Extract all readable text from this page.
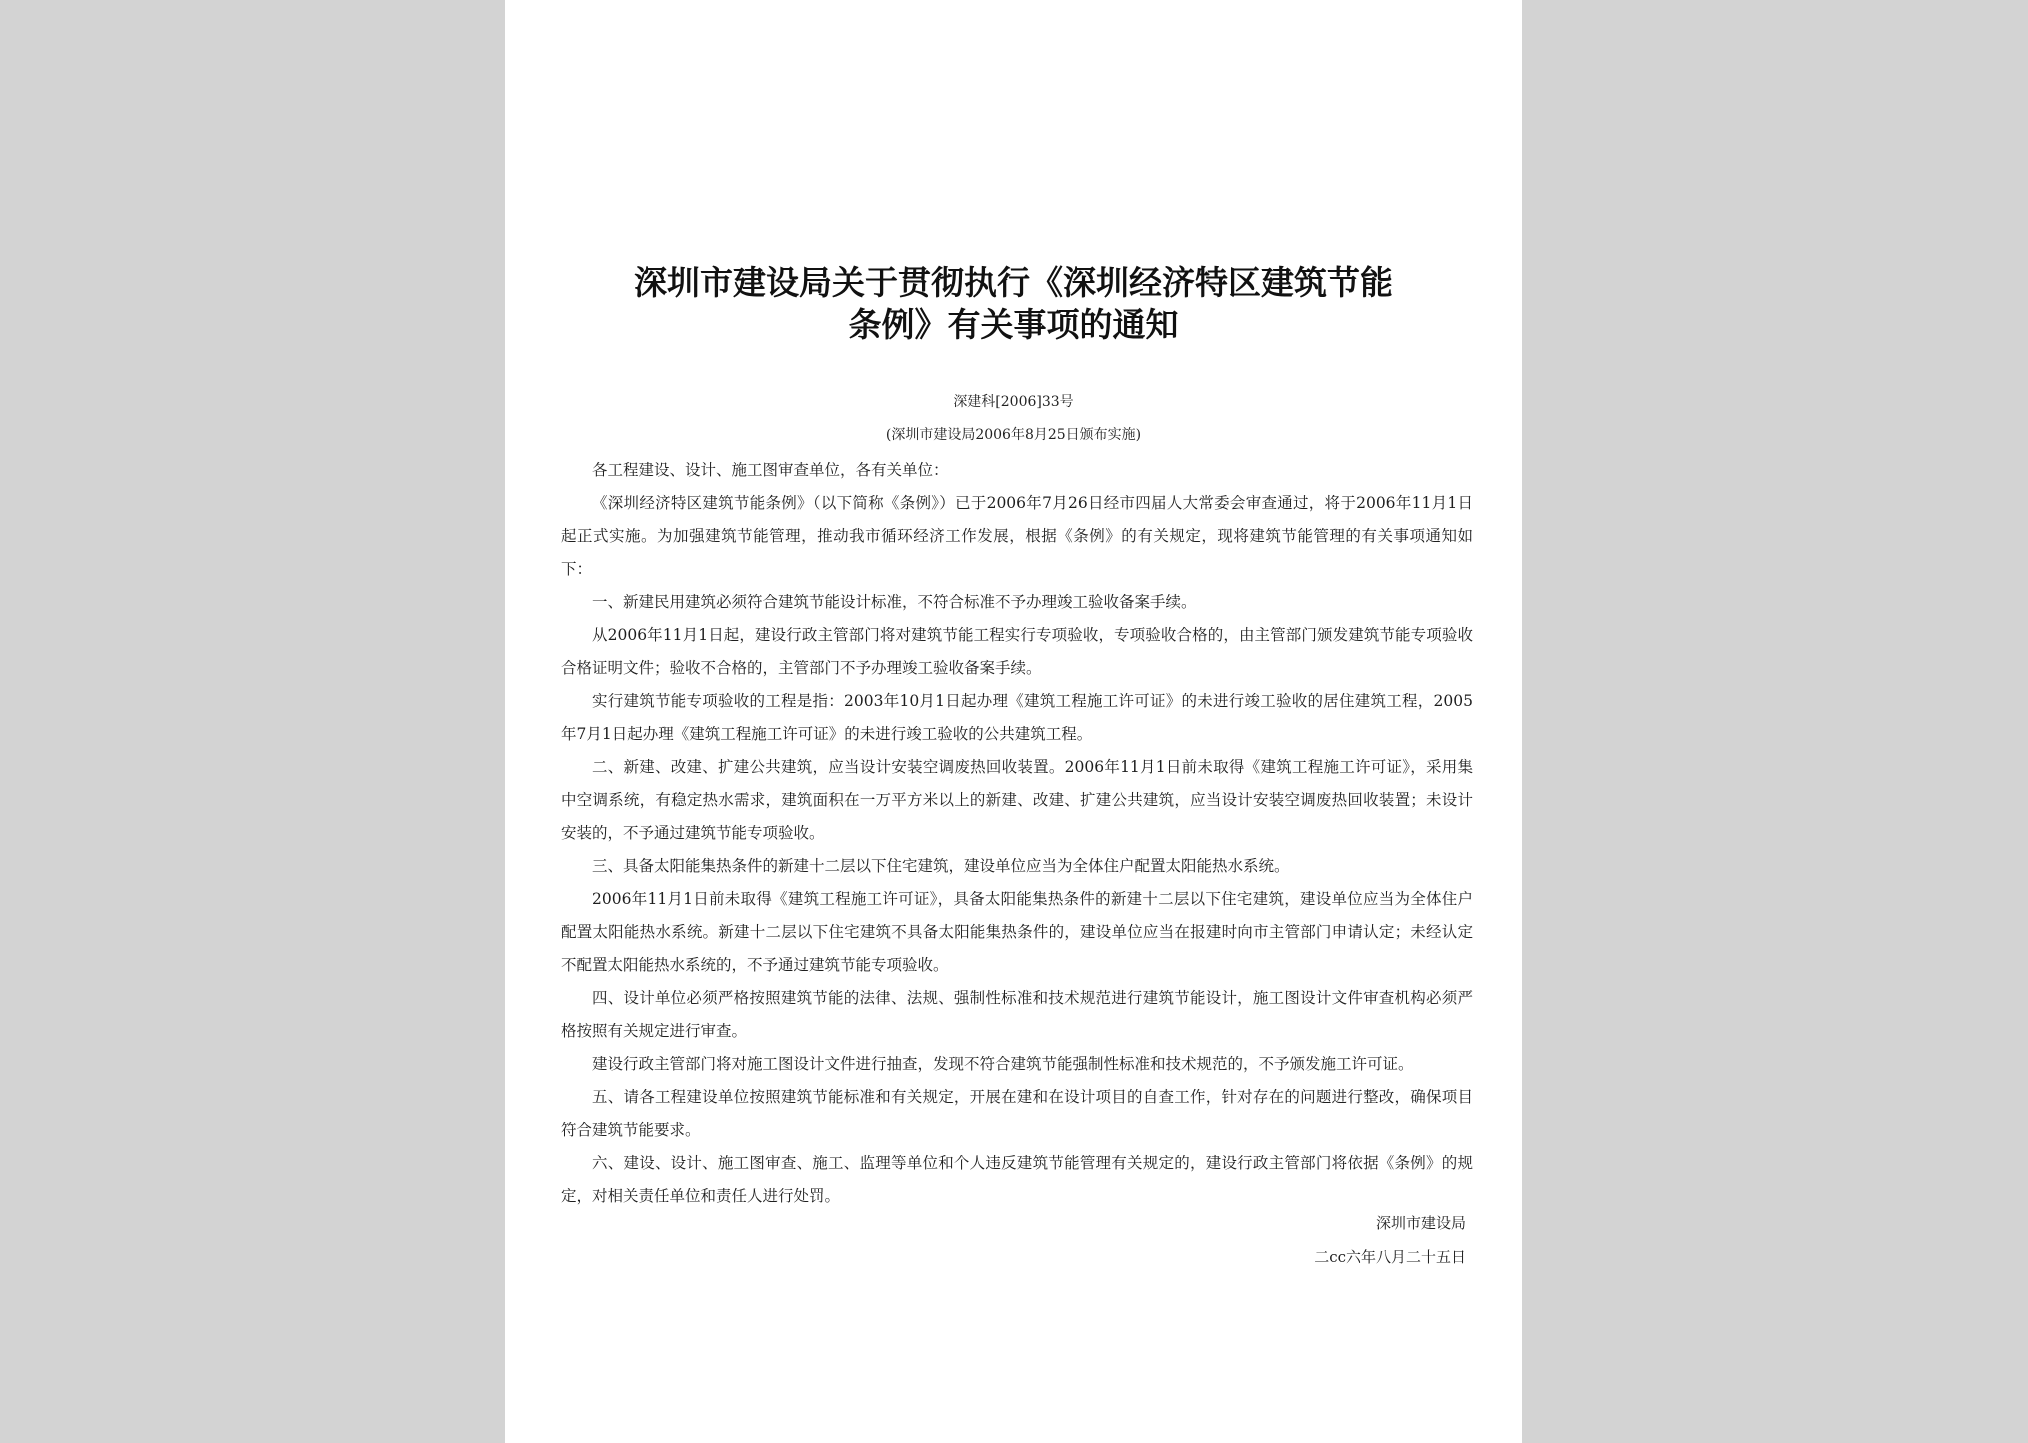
深圳市建设局关于贯彻执行《深圳经济特区建筑节能
条例》有关事项的通知

深建科[2006]33号

(深圳市建设局2006年8月25日颁布实施)

各工程建设、设计、施工图审查单位，各有关单位：

《深圳经济特区建筑节能条例》（以下简称《条例》）已于2006年7月26日经市四届人大常委会审查通过，将于2006年11月1日起正式实施。为加强建筑节能管理，推动我市循环经济工作发展，根据《条例》的有关规定，现将建筑节能管理的有关事项通知如下：

一、新建民用建筑必须符合建筑节能设计标准，不符合标准不予办理竣工验收备案手续。

从2006年11月1日起，建设行政主管部门将对建筑节能工程实行专项验收，专项验收合格的，由主管部门颁发建筑节能专项验收合格证明文件；验收不合格的，主管部门不予办理竣工验收备案手续。

实行建筑节能专项验收的工程是指：2003年10月1日起办理《建筑工程施工许可证》的未进行竣工验收的居住建筑工程，2005年7月1日起办理《建筑工程施工许可证》的未进行竣工验收的公共建筑工程。

二、新建、改建、扩建公共建筑，应当设计安装空调废热回收装置。2006年11月1日前未取得《建筑工程施工许可证》，采用集中空调系统，有稳定热水需求，建筑面积在一万平方米以上的新建、改建、扩建公共建筑，应当设计安装空调废热回收装置；未设计安装的，不予通过建筑节能专项验收。

三、具备太阳能集热条件的新建十二层以下住宅建筑，建设单位应当为全体住户配置太阳能热水系统。

2006年11月1日前未取得《建筑工程施工许可证》，具备太阳能集热条件的新建十二层以下住宅建筑，建设单位应当为全体住户配置太阳能热水系统。新建十二层以下住宅建筑不具备太阳能集热条件的，建设单位应当在报建时向市主管部门申请认定；未经认定不配置太阳能热水系统的，不予通过建筑节能专项验收。

四、设计单位必须严格按照建筑节能的法律、法规、强制性标准和技术规范进行建筑节能设计，施工图设计文件审查机构必须严格按照有关规定进行审查。

建设行政主管部门将对施工图设计文件进行抽查，发现不符合建筑节能强制性标准和技术规范的，不予颁发施工许可证。

五、请各工程建设单位按照建筑节能标准和有关规定，开展在建和在设计项目的自查工作，针对存在的问题进行整改，确保项目符合建筑节能要求。

六、建设、设计、施工图审查、施工、监理等单位和个人违反建筑节能管理有关规定的，建设行政主管部门将依据《条例》的规定，对相关责任单位和责任人进行处罚。

深圳市建设局

二cc六年八月二十五日
